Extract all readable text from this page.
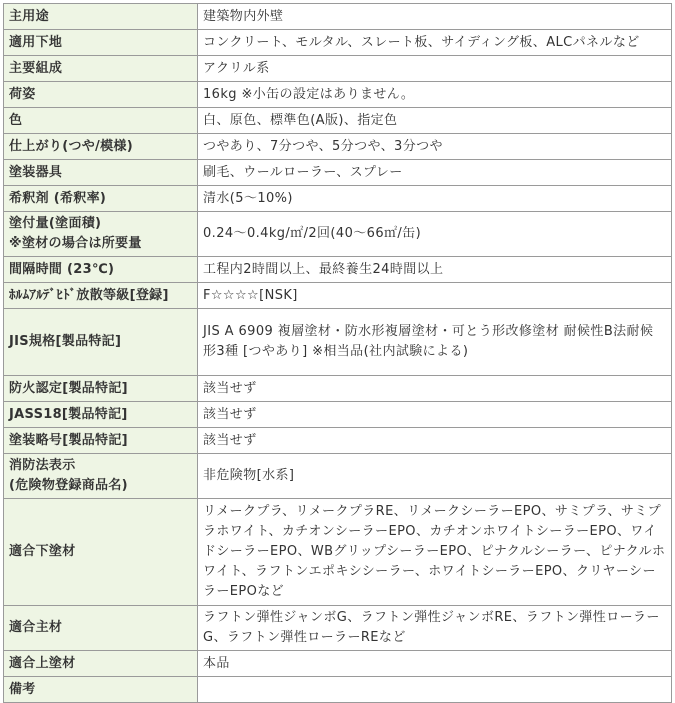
主用途	建築物内外壁
適用下地	コンクリート、モルタル、スレート板、サイディング板、ALCパネルなど
主要組成	アクリル系
荷姿	16kg ※小缶の設定はありません。
色	白、原色、標準色(A版)、指定色
仕上がり(つや/模様)	つやあり、7分つや、5分つや、3分つや
塗装器具	刷毛、ウールローラー、スプレー
希釈剤 (希釈率)	清水(5～10%)

塗付量(塗面積)
※塗材の場合は所要量	0.24～0.4kg/㎡/2回(40～66㎡/缶)
間隔時間 (23℃)	工程内2時間以上、最終養生24時間以上
ﾎﾙﾑｱﾙﾃﾞﾋﾄﾞ放散等級[登録]	F☆☆☆☆[NSK]
JIS規格[製品特記]	JIS A 6909 複層塗材・防水形複層塗材・可とう形改修塗材 耐候性B法耐候形3種 [つやあり] ※相当品(社内試験による)
防火認定[製品特記]	該当せず
JASS18[製品特記]	該当せず
塗装略号[製品特記]	該当せず

消防法表示
(危険物登録商品名)	非危険物[水系]
適合下塗材	リメークプラ、リメークプラRE、リメークシーラーEPO、サミプラ、サミプラホワイト、カチオンシーラーEPO、カチオンホワイトシーラーEPO、ワイドシーラーEPO、WBグリップシーラーEPO、ピナクルシーラー、ピナクルホワイト、ラフトンエポキシシーラー、ホワイトシーラーEPO、クリヤーシーラーEPOなど
適合主材	ラフトン弾性ジャンボG、ラフトン弾性ジャンボRE、ラフトン弾性ローラーG、ラフトン弾性ローラーREなど
適合上塗材	本品
備考	
